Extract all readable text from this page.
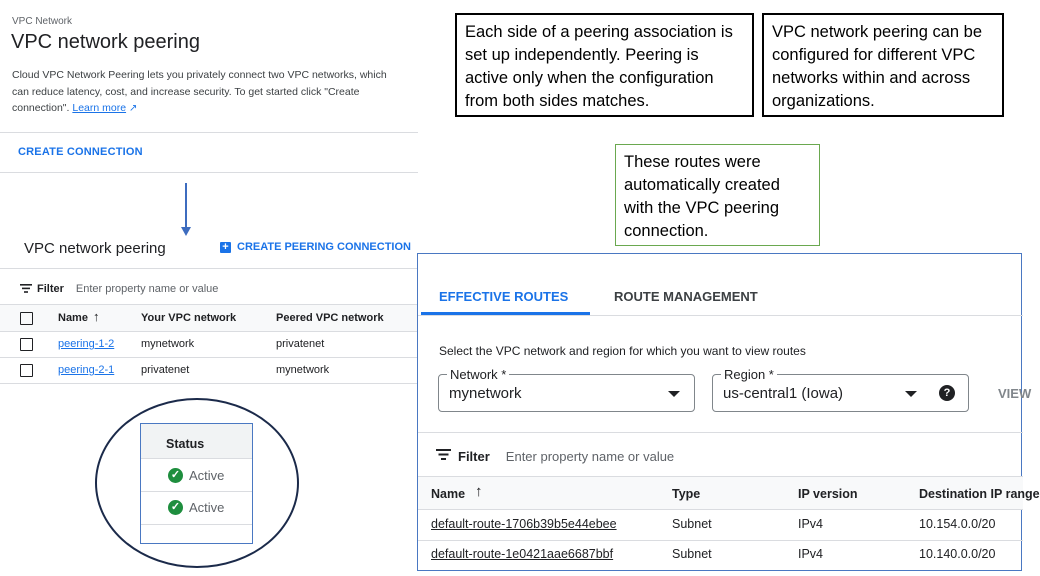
VPC Network
VPC network peering
Cloud VPC Network Peering lets you privately connect two VPC networks, which can reduce latency, cost, and increase security. To get started click "Create connection". Learn more ↗
CREATE CONNECTION
VPC network peering	+ CREATE PEERING CONNECTION
Filter Enter property name or value
Name ↑	Your VPC network	Peered VPC network
peering-1-2 mynetwork	privatenet
peering-2-1 privatenet	mynetwork
Status
✓ Active
✓ Active
Each side of a peering association is set up independently. Peering is active only when the configuration from both sides matches.
VPC network peering can be configured for different VPC networks within and across organizations.
These routes were automatically created with the VPC peering connection.
EFFECTIVE ROUTES	ROUTE MANAGEMENT
Select the VPC network and region for which you want to view routes
Network *
mynetwork
Region *
us-central1 (Iowa)	?	VIEW
Filter Enter property name or value
Name ↑	Type	IP version	Destination IP range
default-route-1706b39b5e44ebee	Subnet	IPv4	10.154.0.0/20
default-route-1e0421aae6687bbf	Subnet	IPv4	10.140.0.0/20
